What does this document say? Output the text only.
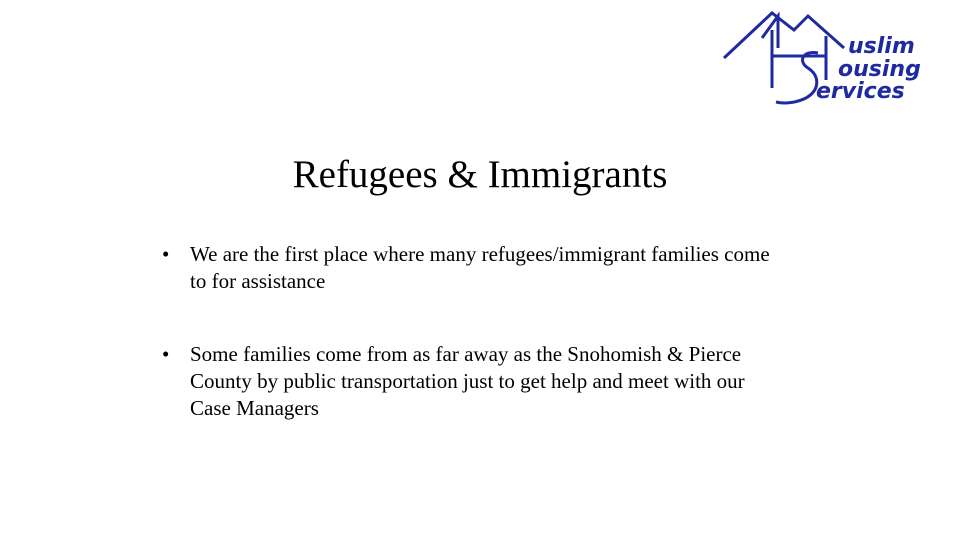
uslim
ousing
ervices
Refugees & Immigrants
• We are the first place where many refugees/immigrant families come to for assistance
• Some families come from as far away as the Snohomish & Pierce County by public transportation just to get help and meet with our Case Managers
